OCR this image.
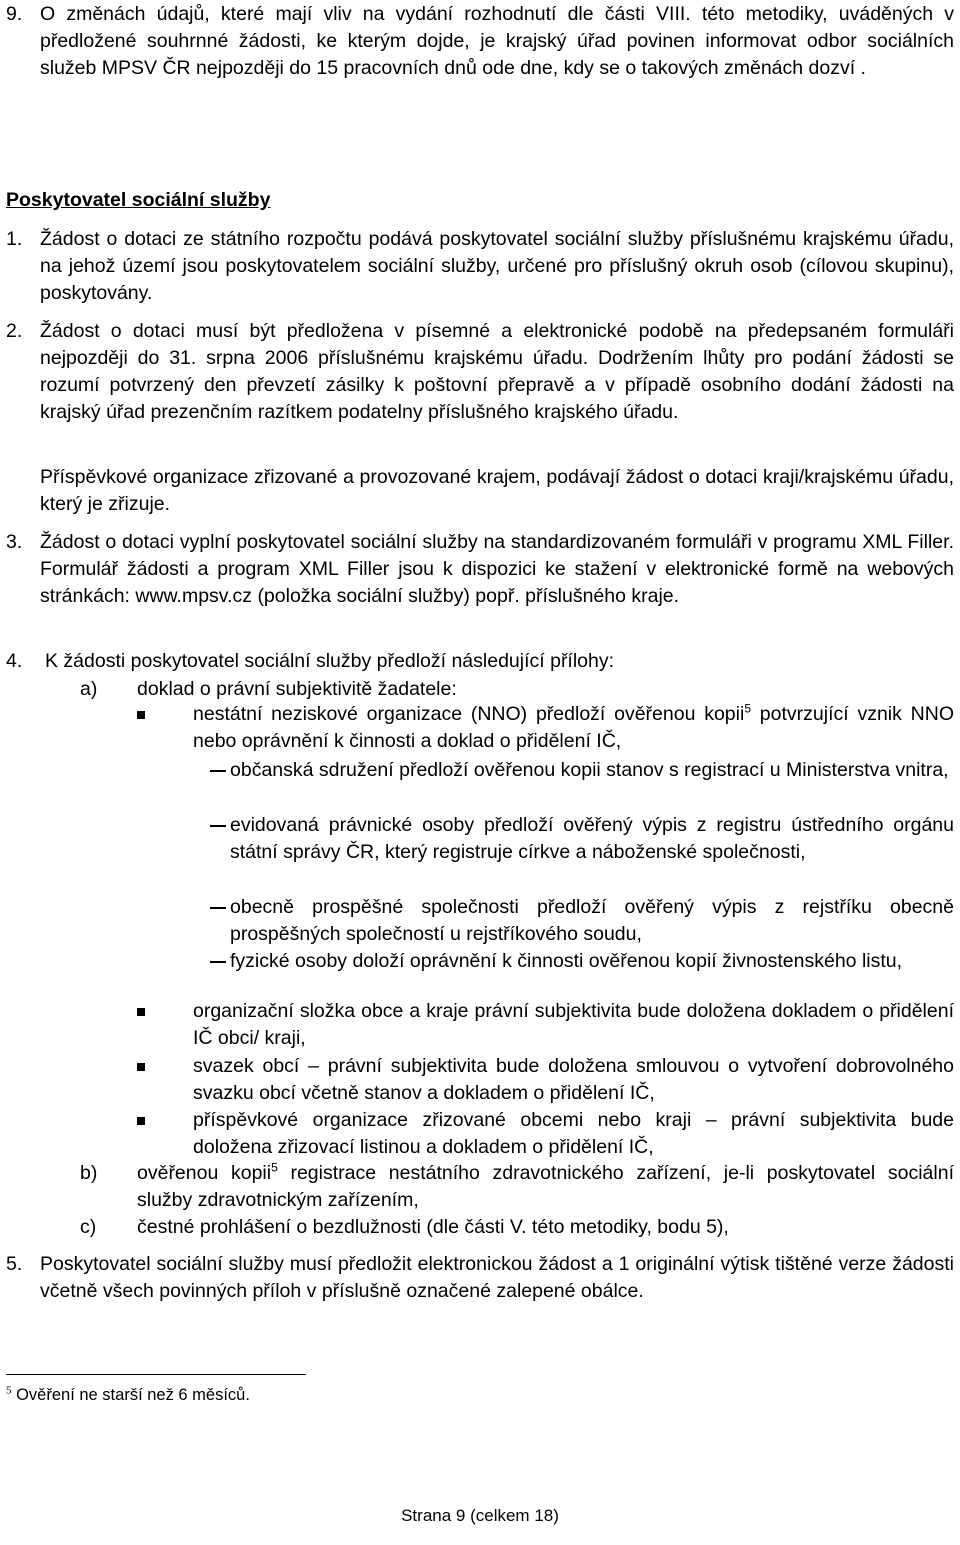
9. O změnách údajů, které mají vliv na vydání rozhodnutí dle části VIII. této metodiky, uváděných v předložené souhrnné žádosti, ke kterým dojde, je krajský úřad povinen informovat odbor sociálních služeb MPSV ČR nejpozději do 15 pracovních dnů ode dne, kdy se o takových změnách dozví .
Poskytovatel sociální služby
1. Žádost o dotaci ze státního rozpočtu podává poskytovatel sociální služby příslušnému krajskému úřadu, na jehož území jsou poskytovatelem sociální služby, určené pro příslušný okruh osob (cílovou skupinu), poskytovány.
2. Žádost o dotaci musí být předložena v písemné a elektronické podobě na předepsaném formuláři nejpozději do 31. srpna 2006 příslušnému krajskému úřadu. Dodržením lhůty pro podání žádosti se rozumí potvrzený den převzetí zásilky k poštovní přepravě a v případě osobního dodání žádosti na krajský úřad prezenčním razítkem podatelny příslušného krajského úřadu.
Příspěvkové organizace zřizované a provozované krajem, podávají žádost o dotaci kraji/krajskému úřadu, který je zřizuje.
3. Žádost o dotaci vyplní poskytovatel sociální služby na standardizovaném formuláři v programu XML Filler. Formulář žádosti a program XML Filler jsou k dispozici ke stažení v elektronické formě na webových stránkách: www.mpsv.cz (položka sociální služby) popř. příslušného kraje.
4. K žádosti poskytovatel sociální služby předloží následující přílohy:
a) doklad o právní subjektivitě žadatele:
nestátní neziskové organizace (NNO) předloží ověřenou kopii$^5$ potvrzující vznik NNO nebo oprávnění k činnosti a doklad o přidělení IČ,
občanská sdružení předloží ověřenou kopii stanov s registrací u Ministerstva vnitra,
evidovaná právnické osoby předloží ověřený výpis z registru ústředního orgánu státní správy ČR, který registruje církve a náboženské společnosti,
obecně prospěšné společnosti předloží ověřený výpis z rejstříku obecně prospěšných společností u rejstříkového soudu,
fyzické osoby doloží oprávnění k činnosti ověřenou kopií živnostenského listu,
organizační složka obce a kraje právní subjektivita bude doložena dokladem o přidělení IČ obci/ kraji,
svazek obcí – právní subjektivita bude doložena smlouvou o vytvoření dobrovolného svazku obcí včetně stanov a dokladem o přidělení IČ,
příspěvkové organizace zřizované obcemi nebo kraji – právní subjektivita bude doložena zřizovací listinou a dokladem o přidělení IČ,
b) ověřenou kopii$^5$ registrace nestátního zdravotnického zařízení, je-li poskytovatel sociální služby zdravotnickým zařízením,
c) čestné prohlášení o bezdlužnosti (dle části V. této metodiky, bodu 5),
5. Poskytovatel sociální služby musí předložit elektronickou žádost a 1 originální výtisk tištěné verze žádosti včetně všech povinných příloh v příslušně označené zalepené obálce.
$^5$ Ověření ne starší než 6 měsíců.
Strana 9 (celkem 18)
